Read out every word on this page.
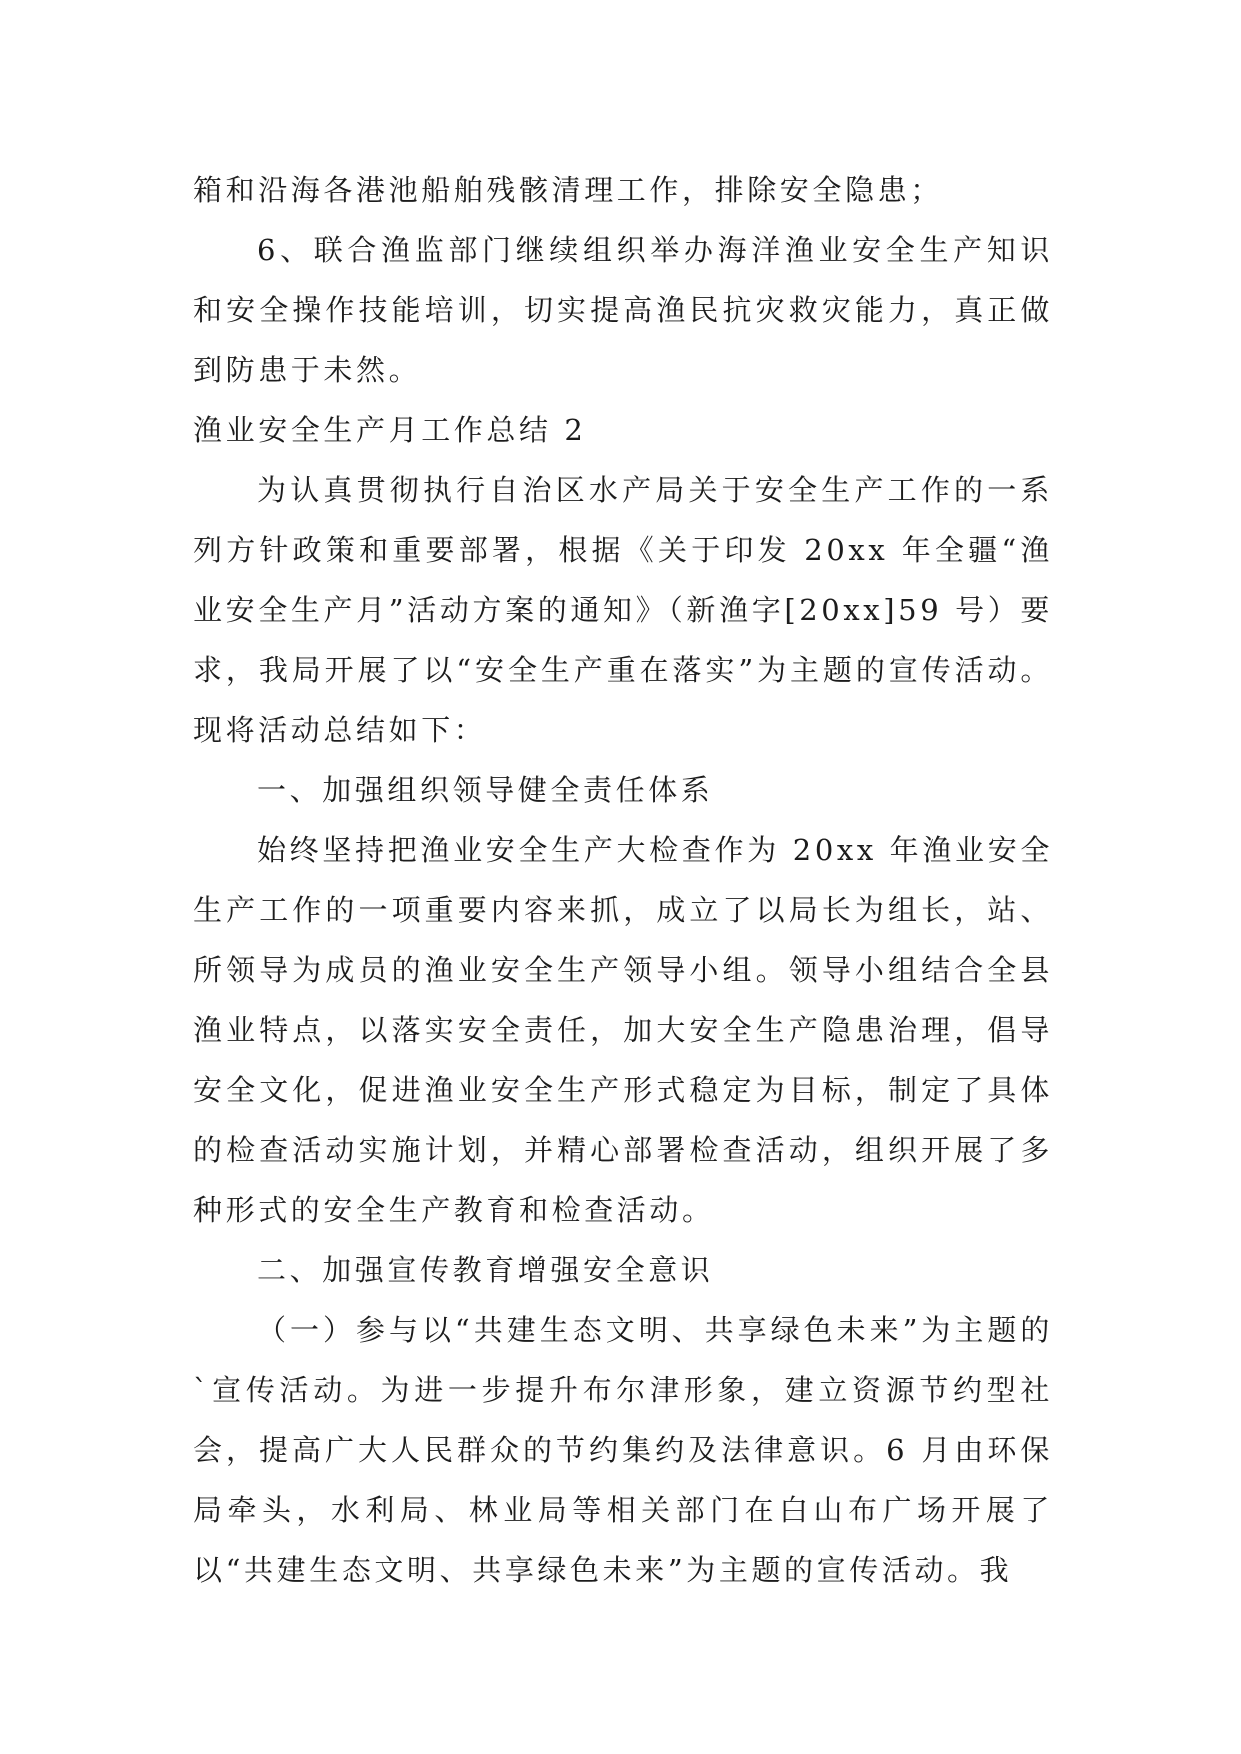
箱和沿海各港池船舶残骸清理工作，排除安全隐患；

6、联合渔监部门继续组织举办海洋渔业安全生产知识和安全操作技能培训，切实提高渔民抗灾救灾能力，真正做到防患于未然。

渔业安全生产月工作总结 2

为认真贯彻执行自治区水产局关于安全生产工作的一系列方针政策和重要部署，根据《关于印发 20xx 年全疆“渔业安全生产月”活动方案的通知》（新渔字[20xx]59 号）要求，我局开展了以“安全生产重在落实”为主题的宣传活动。现将活动总结如下：

一、加强组织领导健全责任体系

始终坚持把渔业安全生产大检查作为 20xx 年渔业安全生产工作的一项重要内容来抓，成立了以局长为组长，站、所领导为成员的渔业安全生产领导小组。领导小组结合全县渔业特点，以落实安全责任，加大安全生产隐患治理，倡导安全文化，促进渔业安全生产形式稳定为目标，制定了具体的检查活动实施计划，并精心部署检查活动，组织开展了多种形式的安全生产教育和检查活动。

二、加强宣传教育增强安全意识

（一）参与以“共建生态文明、共享绿色未来”为主题的`宣传活动。为进一步提升布尔津形象，建立资源节约型社会，提高广大人民群众的节约集约及法律意识。6 月由环保局牵头，水利局、林业局等相关部门在白山布广场开展了以“共建生态文明、共享绿色未来”为主题的宣传活动。我
